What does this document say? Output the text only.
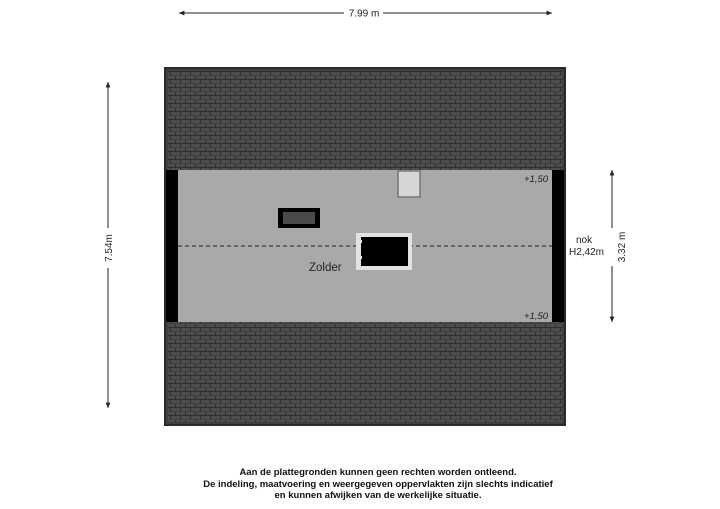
7.99 m
7.54m	3.32 m
Zolder
+1,50
+1,50
nok
H2,42m
Aan de plattegronden kunnen geen rechten worden ontleend.
De indeling, maatvoering en weergegeven oppervlakten zijn slechts indicatief
en kunnen afwijken van de werkelijke situatie.
